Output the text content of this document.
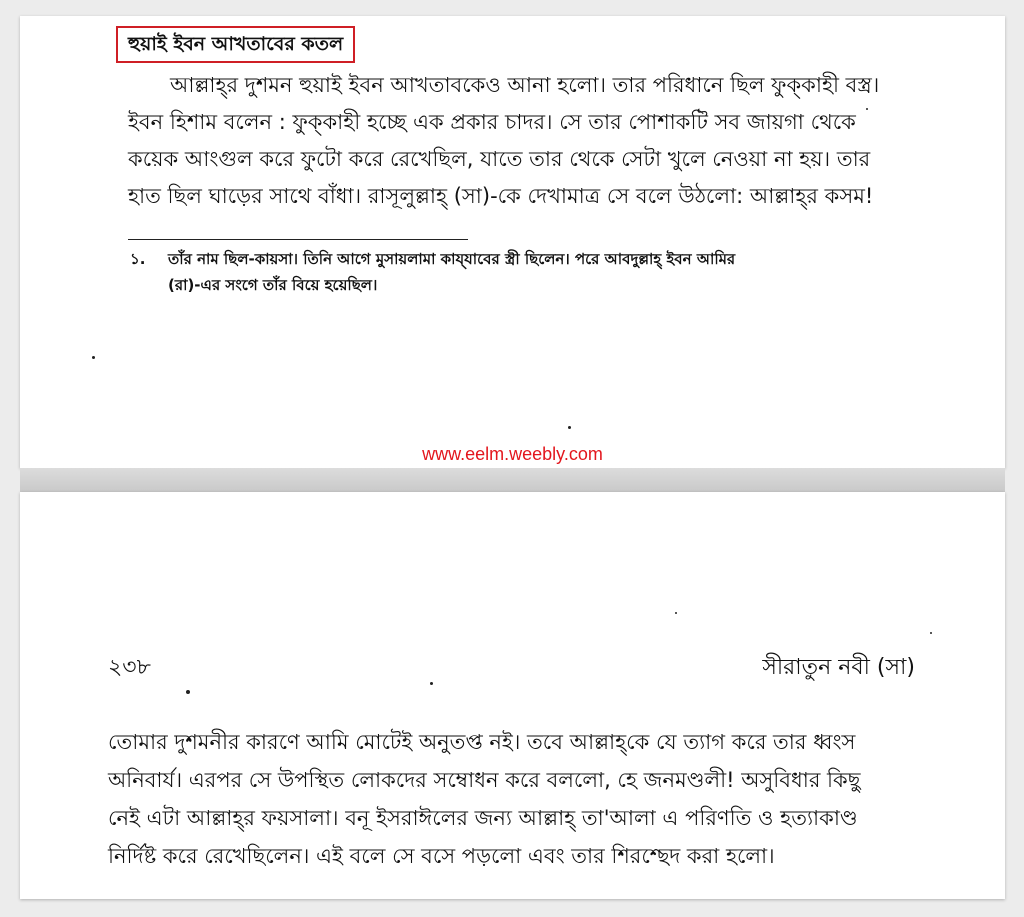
হুয়াই ইবন আখতাবের কতল
আল্লাহ্‌র দুশমন হুয়াই ইবন আখতাবকেও আনা হলো। তার পরিধানে ছিল ফুক্‌কাহী বস্ত্র।
ইবন হিশাম বলেন : ফুক্‌কাহী হচ্ছে এক প্রকার চাদর। সে তার পোশাকটি সব জায়গা থেকে
কয়েক আংগুল করে ফুটো করে রেখেছিল, যাতে তার থেকে সেটা খুলে নেওয়া না হয়। তার
হাত ছিল ঘাড়ের সাথে বাঁধা। রাসূলুল্লাহ্‌ (সা)-কে দেখামাত্র সে বলে উঠলো: আল্লাহ্‌র কসম!
১. তাঁর নাম ছিল-কায়সা। তিনি আগে মুসায়লামা কায্‌যাবের স্ত্রী ছিলেন। পরে আবদুল্লাহ্‌ ইবন আমির
(রা)-এর সংগে তাঁর বিয়ে হয়েছিল।
www.eelm.weebly.com
২৩৮	সীরাতুন নবী (সা)
তোমার দুশমনীর কারণে আমি মোটেই অনুতপ্ত নই। তবে আল্লাহ্‌কে যে ত্যাগ করে তার ধ্বংস
অনিবার্য। এরপর সে উপস্থিত লোকদের সম্বোধন করে বললো, হে জনমণ্ডলী! অসুবিধার কিছু
নেই এটা আল্লাহ্‌র ফয়সালা। বনূ ইসরাঈলের জন্য আল্লাহ্‌ তা'আলা এ পরিণতি ও হত্যাকাণ্ড
নির্দিষ্ট করে রেখেছিলেন। এই বলে সে বসে পড়লো এবং তার শিরশ্ছেদ করা হলো।
